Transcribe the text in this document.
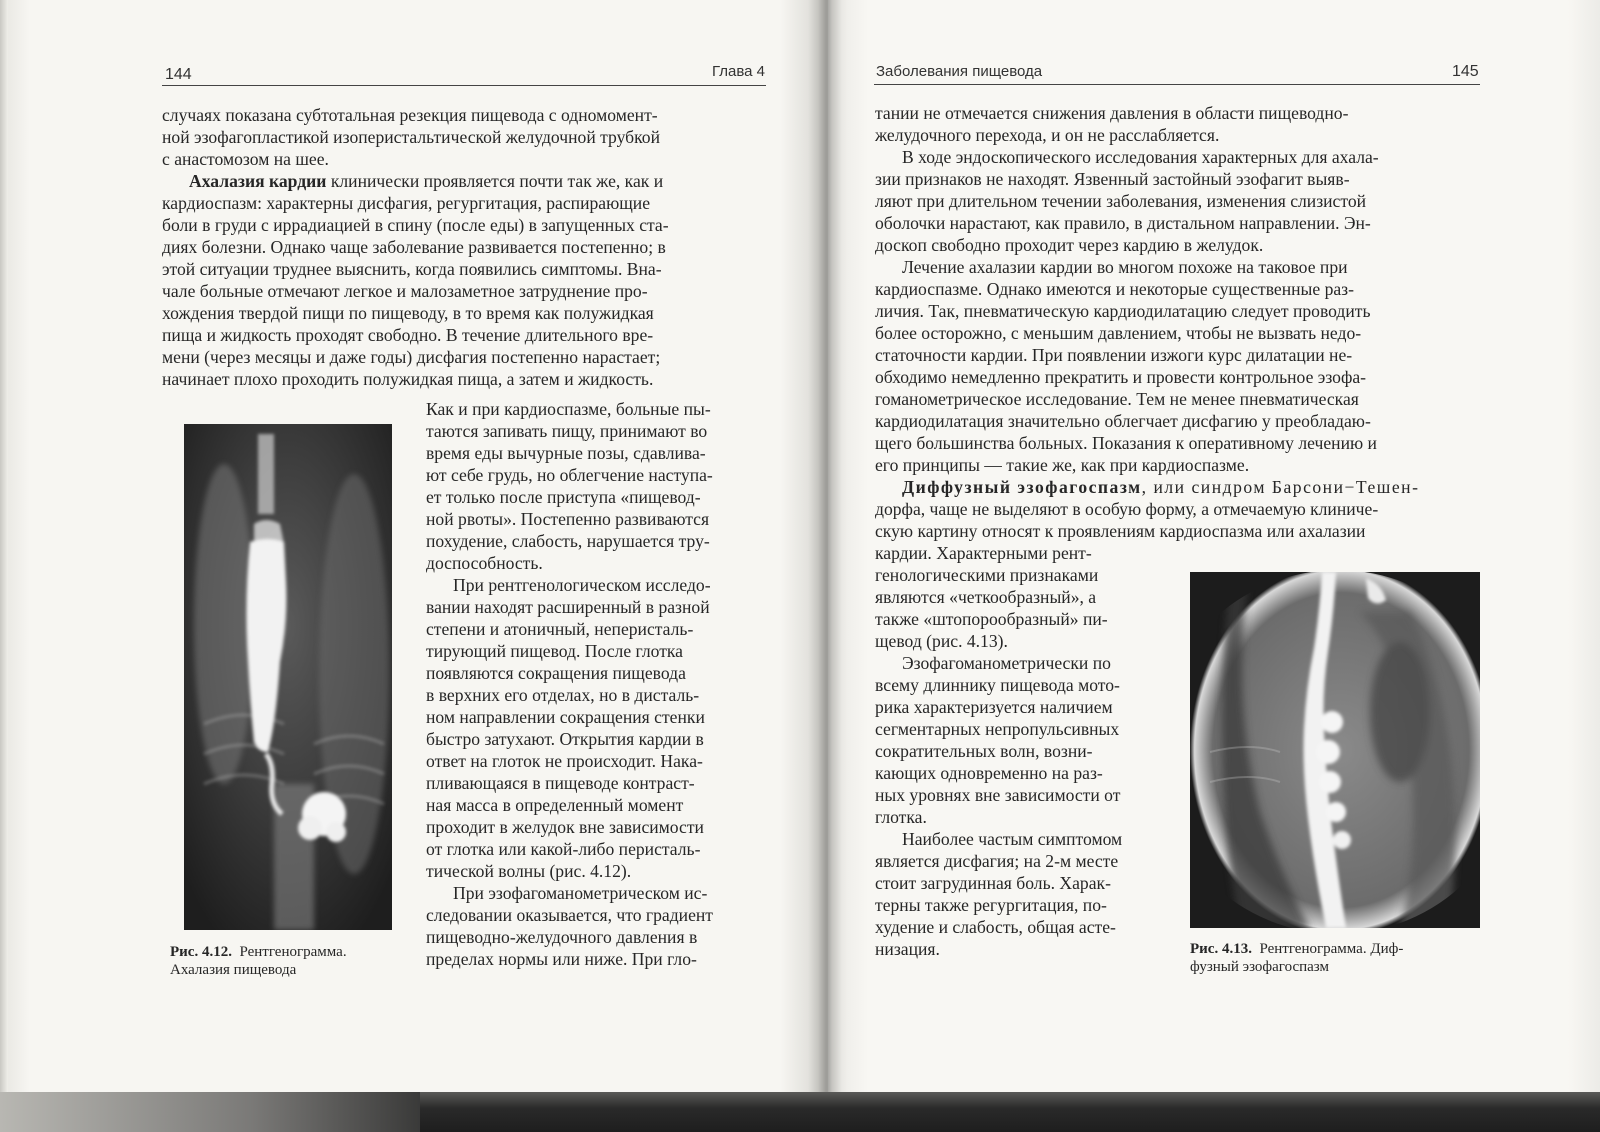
144	Глава 4

случаях показана субтотальная резекция пищевода с одномомент-

ной эзофагопластикой изоперистальтической желудочной трубкой

с анастомозом на шее.

Ахалазия кардии клинически проявляется почти так же, как и

кардиоспазм: характерны дисфагия, регургитация, распирающие

боли в груди с иррадиацией в спину (после еды) в запущенных ста-

диях болезни. Однако чаще заболевание развивается постепенно; в

этой ситуации труднее выяснить, когда появились симптомы. Вна-

чале больные отмечают легкое и малозаметное затруднение про-

хождения твердой пищи по пищеводу, в то время как полужидкая

пища и жидкость проходят свободно. В течение длительного вре-

мени (через месяцы и даже годы) дисфагия постепенно нарастает;

начинает плохо проходить полужидкая пища, а затем и жидкость.

Рис. 4.12. Рентгенограмма.
Ахалазия пищевода

Как и при кардиоспазме, больные пы-

таются запивать пищу, принимают во

время еды вычурные позы, сдавлива-

ют себе грудь, но облегчение наступа-

ет только после приступа «пищевод-

ной рвоты». Постепенно развиваются

похудение, слабость, нарушается тру-

доспособность.

При рентгенологическом исследо-

вании находят расширенный в разной

степени и атоничный, неперисталь-

тирующий пищевод. После глотка

появляются сокращения пищевода

в верхних его отделах, но в дисталь-

ном направлении сокращения стенки

быстро затухают. Открытия кардии в

ответ на глоток не происходит. Нака-

пливающаяся в пищеводе контраст-

ная масса в определенный момент

проходит в желудок вне зависимости

от глотка или какой-либо перисталь-

тической волны (рис. 4.12).

При эзофагоманометрическом ис-

следовании оказывается, что градиент

пищеводно-желудочного давления в

пределах нормы или ниже. При гло-

Заболевания пищевода	145

тании не отмечается снижения давления в области пищеводно-

желудочного перехода, и он не расслабляется.

В ходе эндоскопического исследования характерных для ахала-

зии признаков не находят. Язвенный застойный эзофагит выяв-

ляют при длительном течении заболевания, изменения слизистой

оболочки нарастают, как правило, в дистальном направлении. Эн-

доскоп свободно проходит через кардию в желудок.

Лечение ахалазии кардии во многом похоже на таковое при

кардиоспазме. Однако имеются и некоторые существенные раз-

личия. Так, пневматическую кардиодилатацию следует проводить

более осторожно, с меньшим давлением, чтобы не вызвать недо-

статочности кардии. При появлении изжоги курс дилатации не-

обходимо немедленно прекратить и провести контрольное эзофа-

гоманометрическое исследование. Тем не менее пневматическая

кардиодилатация значительно облегчает дисфагию у преобладаю-

щего большинства больных. Показания к оперативному лечению и

его принципы — такие же, как при кардиоспазме.

Диффузный эзофагоспазм, или синдром Барсони−Тешен-

дорфа, чаще не выделяют в особую форму, а отмечаемую клиниче-

скую картину относят к проявлениям кардиоспазма или ахалазии

кардии. Характерными рент-

генологическими признаками

являются «четкообразный», а

также «штопорообразный» пи-

щевод (рис. 4.13).

Эзофагоманометрически по

всему длиннику пищевода мото-

рика характеризуется наличием

сегментарных непропульсивных

сократительных волн, возни-

кающих одновременно на раз-

ных уровнях вне зависимости от

глотка.

Наиболее частым симптомом

является дисфагия; на 2-м месте

стоит загрудинная боль. Харак-

терны также регургитация, по-

худение и слабость, общая асте-

низация.	Рис. 4.13. Рентгенограмма. Диф-
фузный эзофагоспазм
